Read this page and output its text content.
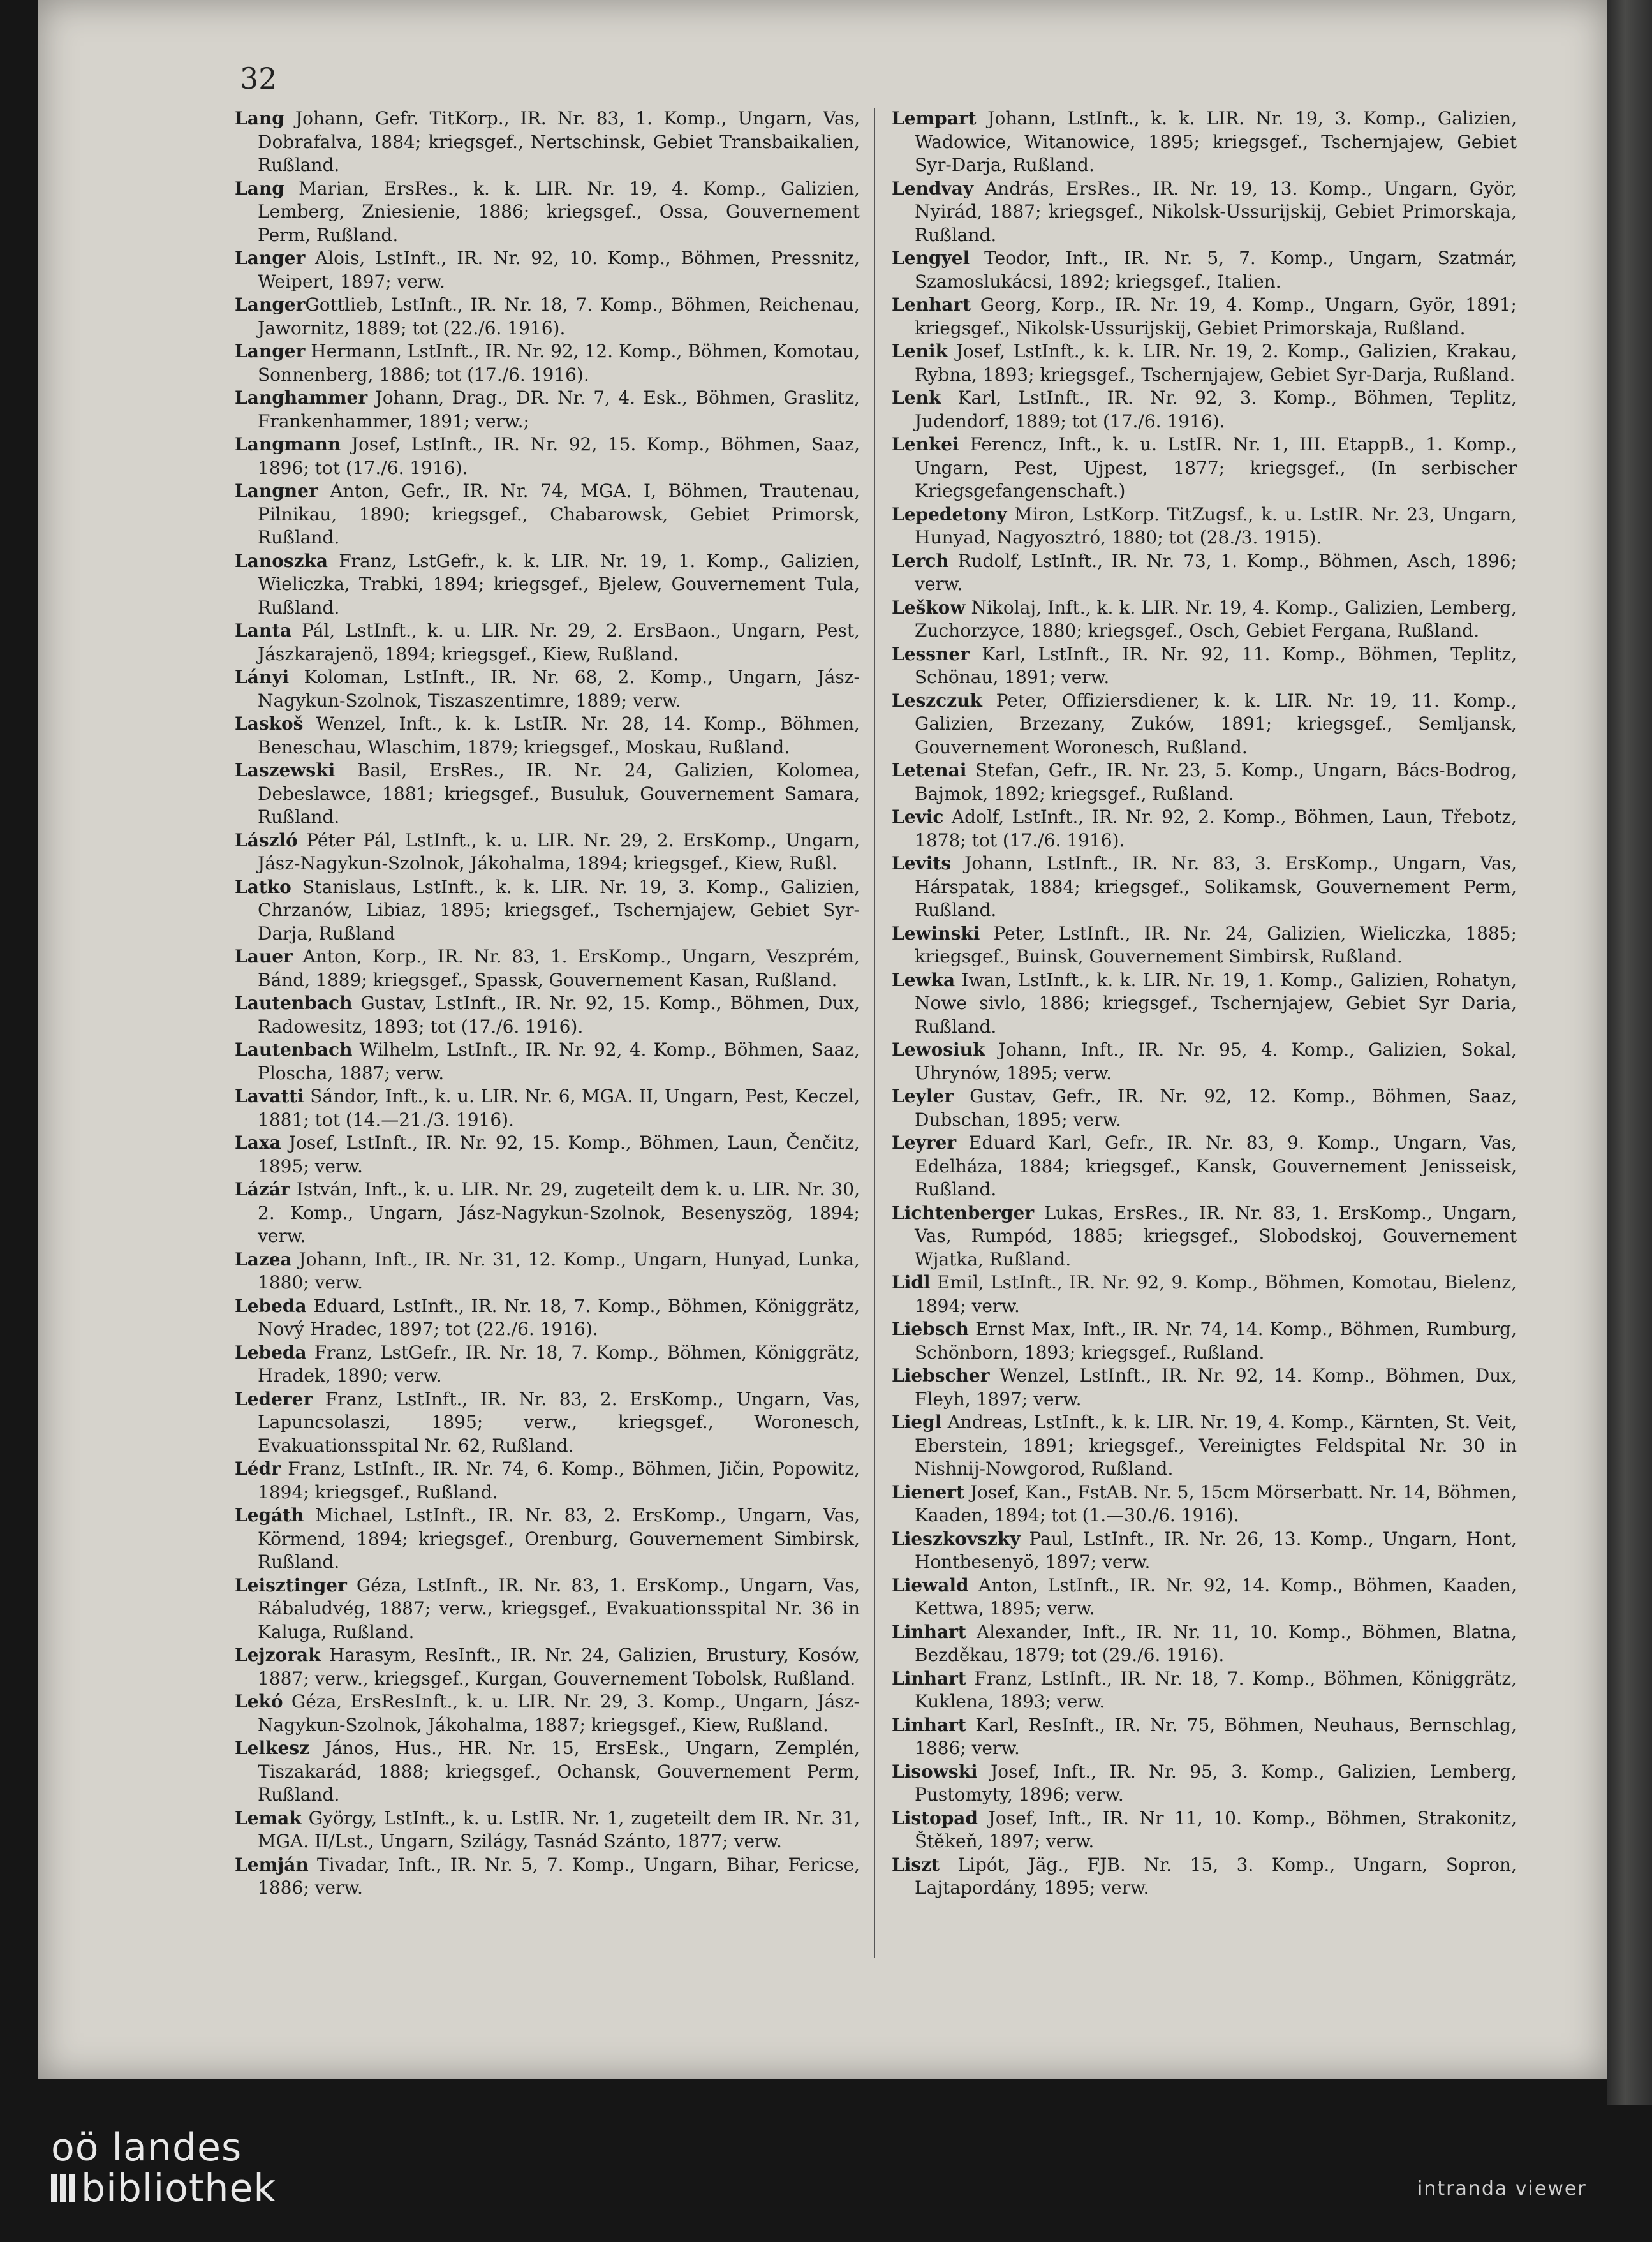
32
Lang Johann, Gefr. TitKorp., IR. Nr. 83, 1. Komp., Ungarn, Vas, Dobrafalva, 1884; kriegsgef., Nertschinsk, Gebiet Transbaikalien, Rußland.
Lang Marian, ErsRes., k. k. LIR. Nr. 19, 4. Komp., Galizien, Lemberg, Zniesienie, 1886; kriegsgef., Ossa, Gouvernement Perm, Rußland.
Langer Alois, LstInft., IR. Nr. 92, 10. Komp., Böhmen, Pressnitz, Weipert, 1897; verw.
LangerGottlieb, LstInft., IR. Nr. 18, 7. Komp., Böhmen, Reichenau, Jawornitz, 1889; tot (22./6. 1916).
Langer Hermann, LstInft., IR. Nr. 92, 12. Komp., Böhmen, Komotau, Sonnenberg, 1886; tot (17./6. 1916).
Langhammer Johann, Drag., DR. Nr. 7, 4. Esk., Böhmen, Graslitz, Frankenhammer, 1891; verw.;
Langmann Josef, LstInft., IR. Nr. 92, 15. Komp., Böhmen, Saaz, 1896; tot (17./6. 1916).
Langner Anton, Gefr., IR. Nr. 74, MGA. I, Böhmen, Trautenau, Pilnikau, 1890; kriegsgef., Chabarowsk, Gebiet Primorsk, Rußland.
Lanoszka Franz, LstGefr., k. k. LIR. Nr. 19, 1. Komp., Galizien, Wieliczka, Trabki, 1894; kriegsgef., Bjelew, Gouvernement Tula, Rußland.
Lanta Pál, LstInft., k. u. LIR. Nr. 29, 2. ErsBaon., Ungarn, Pest, Jászkarajenö, 1894; kriegsgef., Kiew, Rußland.
Lányi Koloman, LstInft., IR. Nr. 68, 2. Komp., Ungarn, Jász-Nagykun-Szolnok, Tiszaszentimre, 1889; verw.
Laskoš Wenzel, Inft., k. k. LstIR. Nr. 28, 14. Komp., Böhmen, Beneschau, Wlaschim, 1879; kriegsgef., Moskau, Rußland.
Laszewski Basil, ErsRes., IR. Nr. 24, Galizien, Kolomea, Debeslawce, 1881; kriegsgef., Busuluk, Gouvernement Samara, Rußland.
László Péter Pál, LstInft., k. u. LIR. Nr. 29, 2. ErsKomp., Ungarn, Jász-Nagykun-Szolnok, Jákohalma, 1894; kriegsgef., Kiew, Rußl.
Latko Stanislaus, LstInft., k. k. LIR. Nr. 19, 3. Komp., Galizien, Chrzanów, Libiaz, 1895; kriegsgef., Tschernjajew, Gebiet Syr-Darja, Rußland
Lauer Anton, Korp., IR. Nr. 83, 1. ErsKomp., Ungarn, Veszprém, Bánd, 1889; kriegsgef., Spassk, Gouvernement Kasan, Rußland.
Lautenbach Gustav, LstInft., IR. Nr. 92, 15. Komp., Böhmen, Dux, Radowesitz, 1893; tot (17./6. 1916).
Lautenbach Wilhelm, LstInft., IR. Nr. 92, 4. Komp., Böhmen, Saaz, Ploscha, 1887; verw.
Lavatti Sándor, Inft., k. u. LIR. Nr. 6, MGA. II, Ungarn, Pest, Keczel, 1881; tot (14.—21./3. 1916).
Laxa Josef, LstInft., IR. Nr. 92, 15. Komp., Böhmen, Laun, Čenčitz, 1895; verw.
Lázár István, Inft., k. u. LIR. Nr. 29, zugeteilt dem k. u. LIR. Nr. 30, 2. Komp., Ungarn, Jász-Nagykun-Szolnok, Besenyszög, 1894; verw.
Lazea Johann, Inft., IR. Nr. 31, 12. Komp., Ungarn, Hunyad, Lunka, 1880; verw.
Lebeda Eduard, LstInft., IR. Nr. 18, 7. Komp., Böhmen, Königgrätz, Nový Hradec, 1897; tot (22./6. 1916).
Lebeda Franz, LstGefr., IR. Nr. 18, 7. Komp., Böhmen, Königgrätz, Hradek, 1890; verw.
Lederer Franz, LstInft., IR. Nr. 83, 2. ErsKomp., Ungarn, Vas, Lapuncsolaszi, 1895; verw., kriegsgef., Woronesch, Evakuationsspital Nr. 62, Rußland.
Lédr Franz, LstInft., IR. Nr. 74, 6. Komp., Böhmen, Jičin, Popowitz, 1894; kriegsgef., Rußland.
Legáth Michael, LstInft., IR. Nr. 83, 2. ErsKomp., Ungarn, Vas, Körmend, 1894; kriegsgef., Orenburg, Gouvernement Simbirsk, Rußland.
Leisztinger Géza, LstInft., IR. Nr. 83, 1. ErsKomp., Ungarn, Vas, Rábaludvég, 1887; verw., kriegsgef., Evakuationsspital Nr. 36 in Kaluga, Rußland.
Lejzorak Harasym, ResInft., IR. Nr. 24, Galizien, Brustury, Kosów, 1887; verw., kriegsgef., Kurgan, Gouvernement Tobolsk, Rußland.
Lekó Géza, ErsResInft., k. u. LIR. Nr. 29, 3. Komp., Ungarn, Jász-Nagykun-Szolnok, Jákohalma, 1887; kriegsgef., Kiew, Rußland.
Lelkesz János, Hus., HR. Nr. 15, ErsEsk., Ungarn, Zemplén, Tiszakarád, 1888; kriegsgef., Ochansk, Gouvernement Perm, Rußland.
Lemak György, LstInft., k. u. LstIR. Nr. 1, zugeteilt dem IR. Nr. 31, MGA. II/Lst., Ungarn, Szilágy, Tasnád Szánto, 1877; verw.
Lemján Tivadar, Inft., IR. Nr. 5, 7. Komp., Ungarn, Bihar, Fericse, 1886; verw.
Lempart Johann, LstInft., k. k. LIR. Nr. 19, 3. Komp., Galizien, Wadowice, Witanowice, 1895; kriegsgef., Tschernjajew, Gebiet Syr-Darja, Rußland.
Lendvay András, ErsRes., IR. Nr. 19, 13. Komp., Ungarn, Györ, Nyirád, 1887; kriegsgef., Nikolsk-Ussurijskij, Gebiet Primorskaja, Rußland.
Lengyel Teodor, Inft., IR. Nr. 5, 7. Komp., Ungarn, Szatmár, Szamoslukácsi, 1892; kriegsgef., Italien.
Lenhart Georg, Korp., IR. Nr. 19, 4. Komp., Ungarn, Györ, 1891; kriegsgef., Nikolsk-Ussurijskij, Gebiet Primorskaja, Rußland.
Lenik Josef, LstInft., k. k. LIR. Nr. 19, 2. Komp., Galizien, Krakau, Rybna, 1893; kriegsgef., Tschernjajew, Gebiet Syr-Darja, Rußland.
Lenk Karl, LstInft., IR. Nr. 92, 3. Komp., Böhmen, Teplitz, Judendorf, 1889; tot (17./6. 1916).
Lenkei Ferencz, Inft., k. u. LstIR. Nr. 1, III. EtappB., 1. Komp., Ungarn, Pest, Ujpest, 1877; kriegsgef., (In serbischer Kriegsgefangenschaft.)
Lepedetony Miron, LstKorp. TitZugsf., k. u. LstIR. Nr. 23, Ungarn, Hunyad, Nagyosztró, 1880; tot (28./3. 1915).
Lerch Rudolf, LstInft., IR. Nr. 73, 1. Komp., Böhmen, Asch, 1896; verw.
Leškow Nikolaj, Inft., k. k. LIR. Nr. 19, 4. Komp., Galizien, Lemberg, Zuchorzyce, 1880; kriegsgef., Osch, Gebiet Fergana, Rußland.
Lessner Karl, LstInft., IR. Nr. 92, 11. Komp., Böhmen, Teplitz, Schönau, 1891; verw.
Leszczuk Peter, Offiziersdiener, k. k. LIR. Nr. 19, 11. Komp., Galizien, Brzezany, Zuków, 1891; kriegsgef., Semljansk, Gouvernement Woronesch, Rußland.
Letenai Stefan, Gefr., IR. Nr. 23, 5. Komp., Ungarn, Bács-Bodrog, Bajmok, 1892; kriegsgef., Rußland.
Levic Adolf, LstInft., IR. Nr. 92, 2. Komp., Böhmen, Laun, Třebotz, 1878; tot (17./6. 1916).
Levits Johann, LstInft., IR. Nr. 83, 3. ErsKomp., Ungarn, Vas, Hárspatak, 1884; kriegsgef., Solikamsk, Gouvernement Perm, Rußland.
Lewinski Peter, LstInft., IR. Nr. 24, Galizien, Wieliczka, 1885; kriegsgef., Buinsk, Gouvernement Simbirsk, Rußland.
Lewka Iwan, LstInft., k. k. LIR. Nr. 19, 1. Komp., Galizien, Rohatyn, Nowe sivlo, 1886; kriegsgef., Tschernjajew, Gebiet Syr Daria, Rußland.
Lewosiuk Johann, Inft., IR. Nr. 95, 4. Komp., Galizien, Sokal, Uhrynów, 1895; verw.
Leyler Gustav, Gefr., IR. Nr. 92, 12. Komp., Böhmen, Saaz, Dubschan, 1895; verw.
Leyrer Eduard Karl, Gefr., IR. Nr. 83, 9. Komp., Ungarn, Vas, Edelháza, 1884; kriegsgef., Kansk, Gouvernement Jenisseisk, Rußland.
Lichtenberger Lukas, ErsRes., IR. Nr. 83, 1. ErsKomp., Ungarn, Vas, Rumpód, 1885; kriegsgef., Slobodskoj, Gouvernement Wjatka, Rußland.
Lidl Emil, LstInft., IR. Nr. 92, 9. Komp., Böhmen, Komotau, Bielenz, 1894; verw.
Liebsch Ernst Max, Inft., IR. Nr. 74, 14. Komp., Böhmen, Rumburg, Schönborn, 1893; kriegsgef., Rußland.
Liebscher Wenzel, LstInft., IR. Nr. 92, 14. Komp., Böhmen, Dux, Fleyh, 1897; verw.
Liegl Andreas, LstInft., k. k. LIR. Nr. 19, 4. Komp., Kärnten, St. Veit, Eberstein, 1891; kriegsgef., Vereinigtes Feldspital Nr. 30 in Nishnij-Nowgorod, Rußland.
Lienert Josef, Kan., FstAB. Nr. 5, 15cm Mörserbatt. Nr. 14, Böhmen, Kaaden, 1894; tot (1.—30./6. 1916).
Lieszkovszky Paul, LstInft., IR. Nr. 26, 13. Komp., Ungarn, Hont, Hontbesenyö, 1897; verw.
Liewald Anton, LstInft., IR. Nr. 92, 14. Komp., Böhmen, Kaaden, Kettwa, 1895; verw.
Linhart Alexander, Inft., IR. Nr. 11, 10. Komp., Böhmen, Blatna, Bezděkau, 1879; tot (29./6. 1916).
Linhart Franz, LstInft., IR. Nr. 18, 7. Komp., Böhmen, Königgrätz, Kuklena, 1893; verw.
Linhart Karl, ResInft., IR. Nr. 75, Böhmen, Neuhaus, Bernschlag, 1886; verw.
Lisowski Josef, Inft., IR. Nr. 95, 3. Komp., Galizien, Lemberg, Pustomyty, 1896; verw.
Listopad Josef, Inft., IR. Nr 11, 10. Komp., Böhmen, Strakonitz, Štěkeň, 1897; verw.
Liszt Lipót, Jäg., FJB. Nr. 15, 3. Komp., Ungarn, Sopron, Lajtapordány, 1895; verw.
oö landes
bibliothek	intranda viewer
